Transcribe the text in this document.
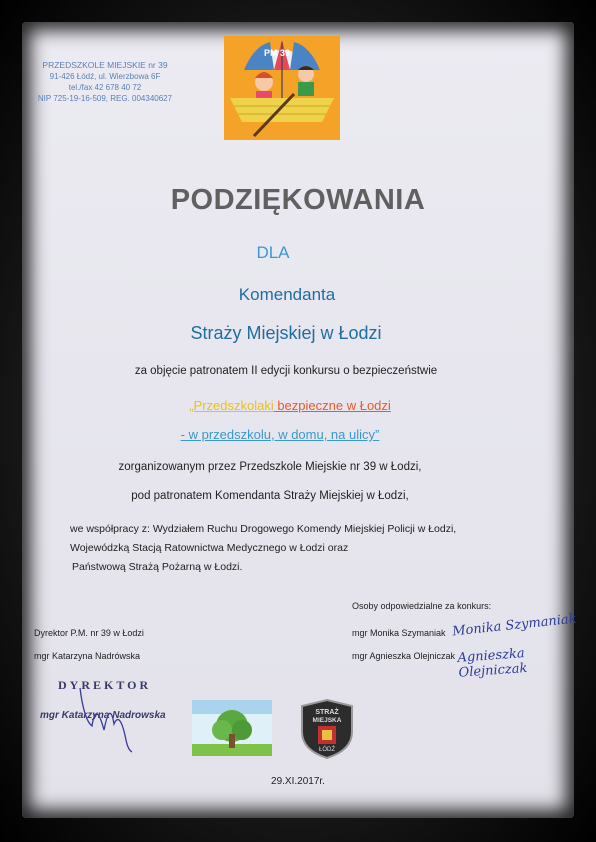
PRZEDSZKOLE MIEJSKIE nr 39
91-426 Łódź, ul. Wierzbowa 6F
tel./fax 42 678 40 72
NIP 725-19-16-509, REG. 004340627
PM 39
PODZIĘKOWANIA
DLA
Komendanta
Straży Miejskiej w Łodzi
za objęcie patronatem II edycji konkursu o bezpieczeństwie
„Przedszkolaki bezpieczne w Łodzi
- w przedszkolu, w domu, na ulicy”
zorganizowanym przez Przedszkole Miejskie nr 39 w Łodzi,
pod patronatem Komendanta Straży Miejskiej w Łodzi,
we współpracy z: Wydziałem Ruchu Drogowego Komendy Miejskiej Policji w Łodzi,
Wojewódzką Stacją Ratownictwa Medycznego w Łodzi oraz
Państwową Strażą Pożarną w Łodzi.
Osoby odpowiedzialne za konkurs:
mgr Monika Szymaniak
mgr Agnieszka Olejniczak
Monika Szymaniak
Agnieszka Olejniczak
Dyrektor P.M. nr 39 w Łodzi
mgr Katarzyna Nadrówska
DYREKTOR
mgr Katarzyna Nadrowska	STRAŻ
MIEJSKA
ŁÓDŹ
29.XI.2017r.
